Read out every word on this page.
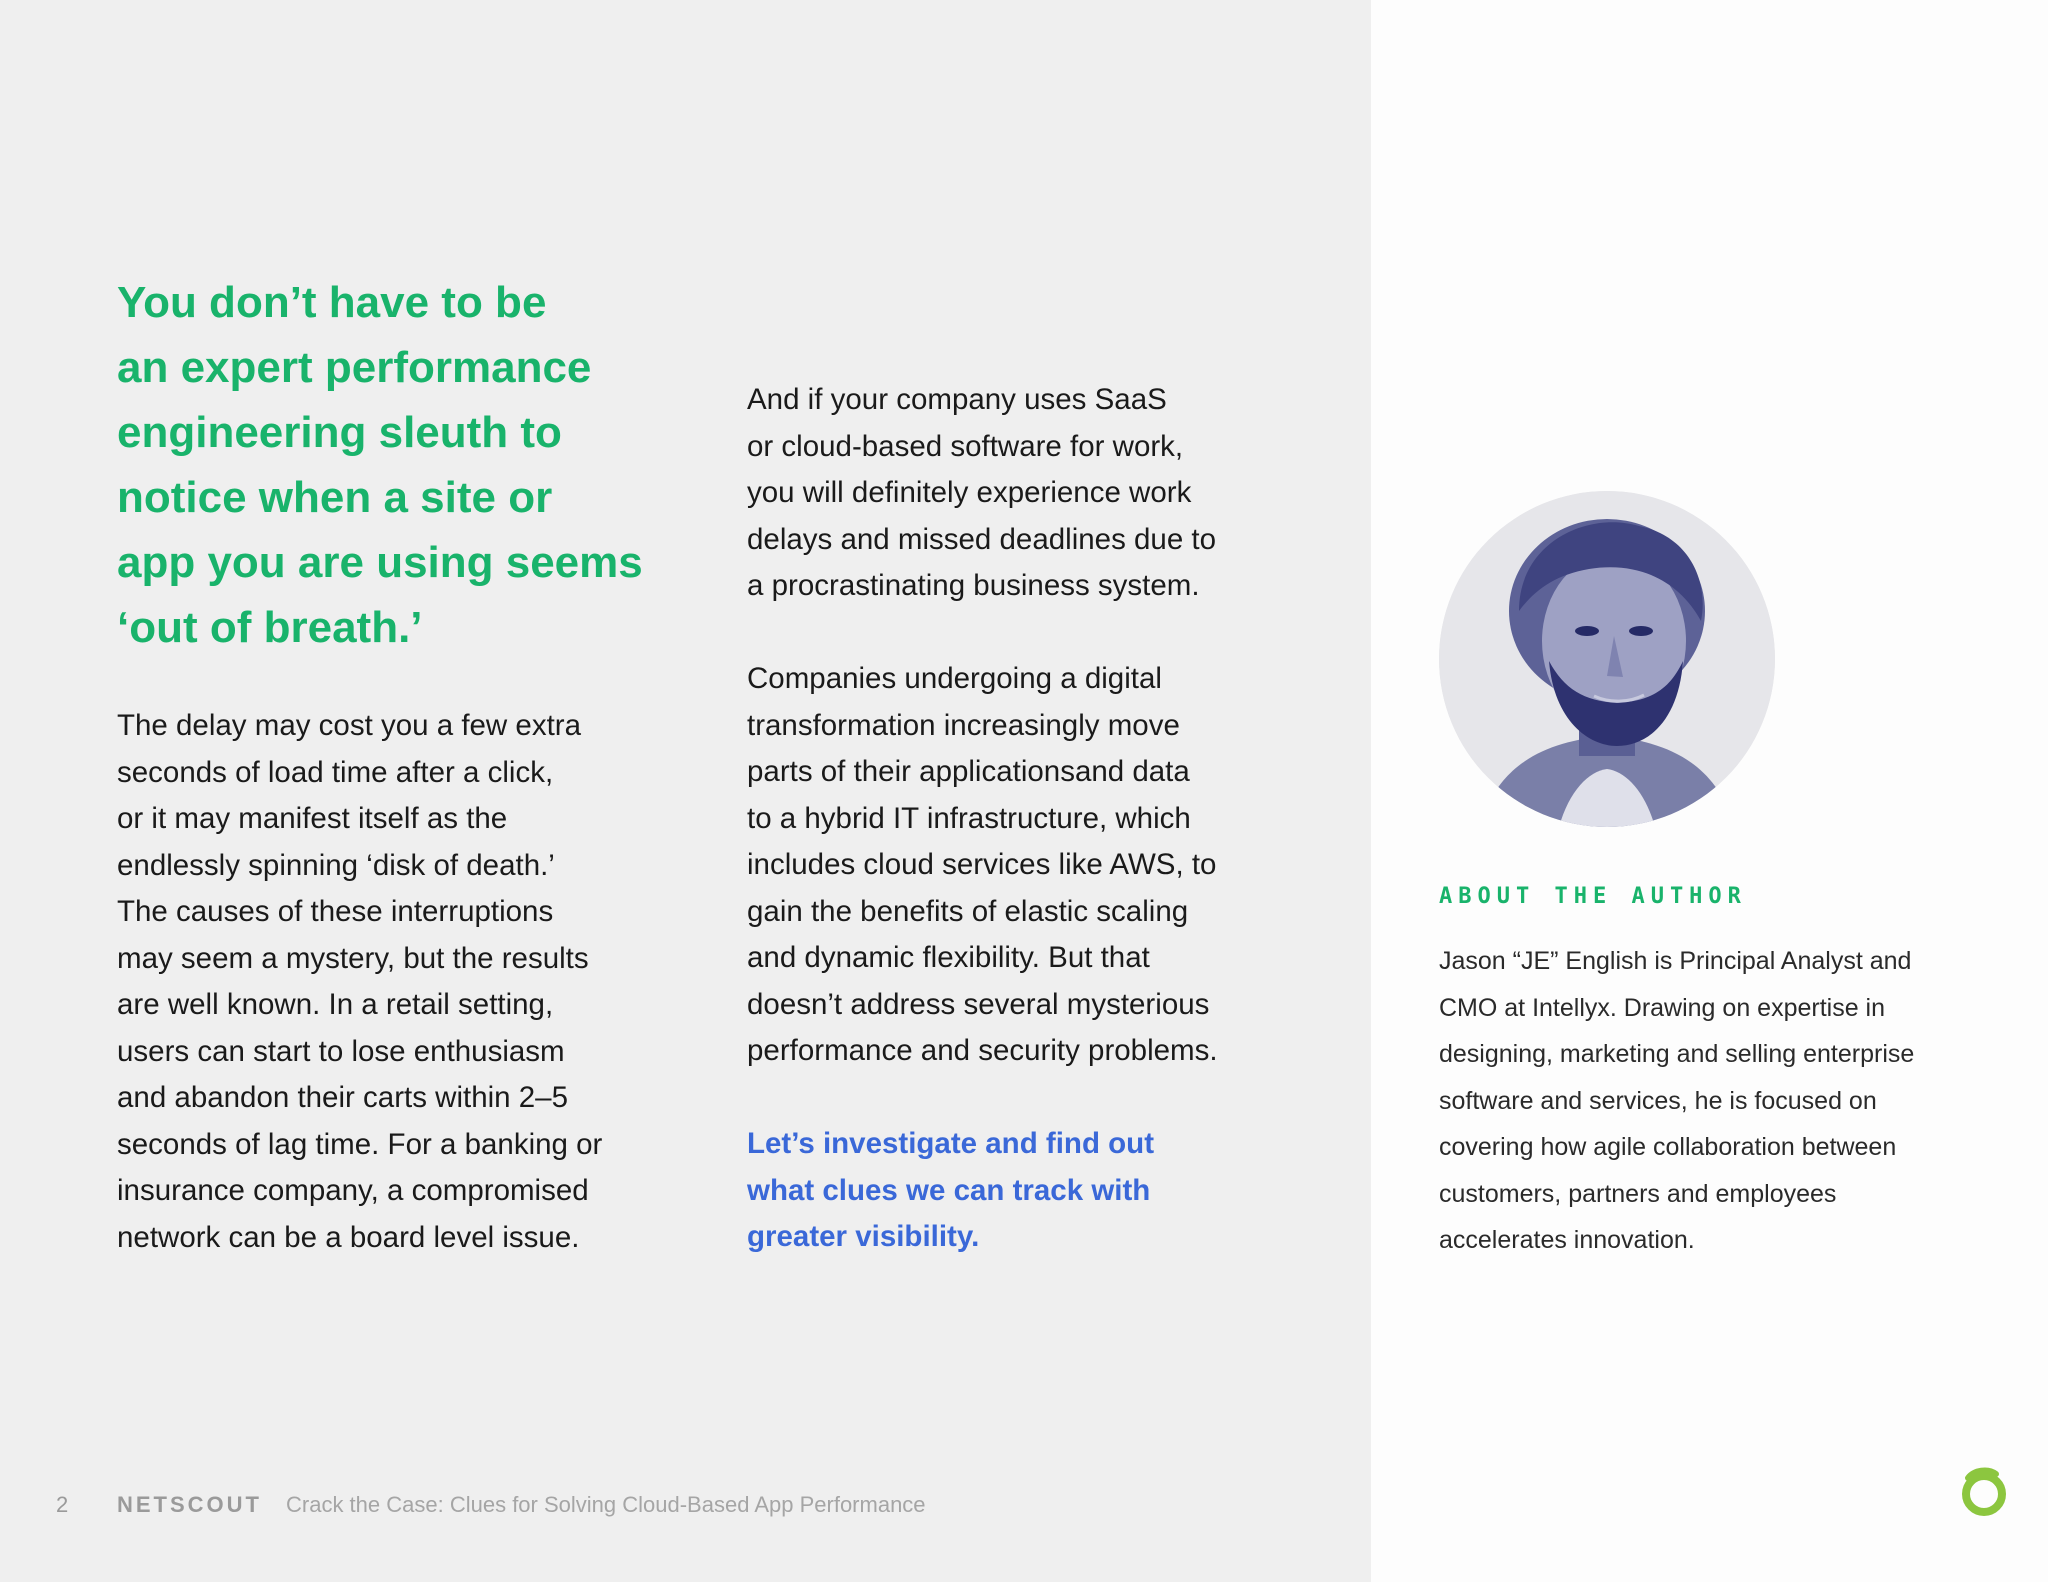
You don’t have to be
an expert performance
engineering sleuth to
notice when a site or
app you are using seems
‘out of breath.’

The delay may cost you a few extra
seconds of load time after a click,
or it may manifest itself as the
endlessly spinning ‘disk of death.’
The causes of these interruptions
may seem a mystery, but the results
are well known. In a retail setting,
users can start to lose enthusiasm
and abandon their carts within 2–5
seconds of lag time. For a banking or
insurance company, a compromised
network can be a board level issue.

And if your company uses SaaS
or cloud-based software for work,
you will definitely experience work
delays and missed deadlines due to
a procrastinating business system.

Companies undergoing a digital
transformation increasingly move
parts of their applicationsand data
to a hybrid IT infrastructure, which
includes cloud services like AWS, to
gain the benefits of elastic scaling
and dynamic flexibility. But that
doesn’t address several mysterious
performance and security problems.

Let’s investigate and find out
what clues we can track with
greater visibility.

ABOUT THE AUTHOR

Jason “JE” English is Principal Analyst and
CMO at Intellyx. Drawing on expertise in
designing, marketing and selling enterprise
software and services, he is focused on
covering how agile collaboration between
customers, partners and employees
accelerates innovation.

2 NETSCOUT Crack the Case: Clues for Solving Cloud-Based App Performance
